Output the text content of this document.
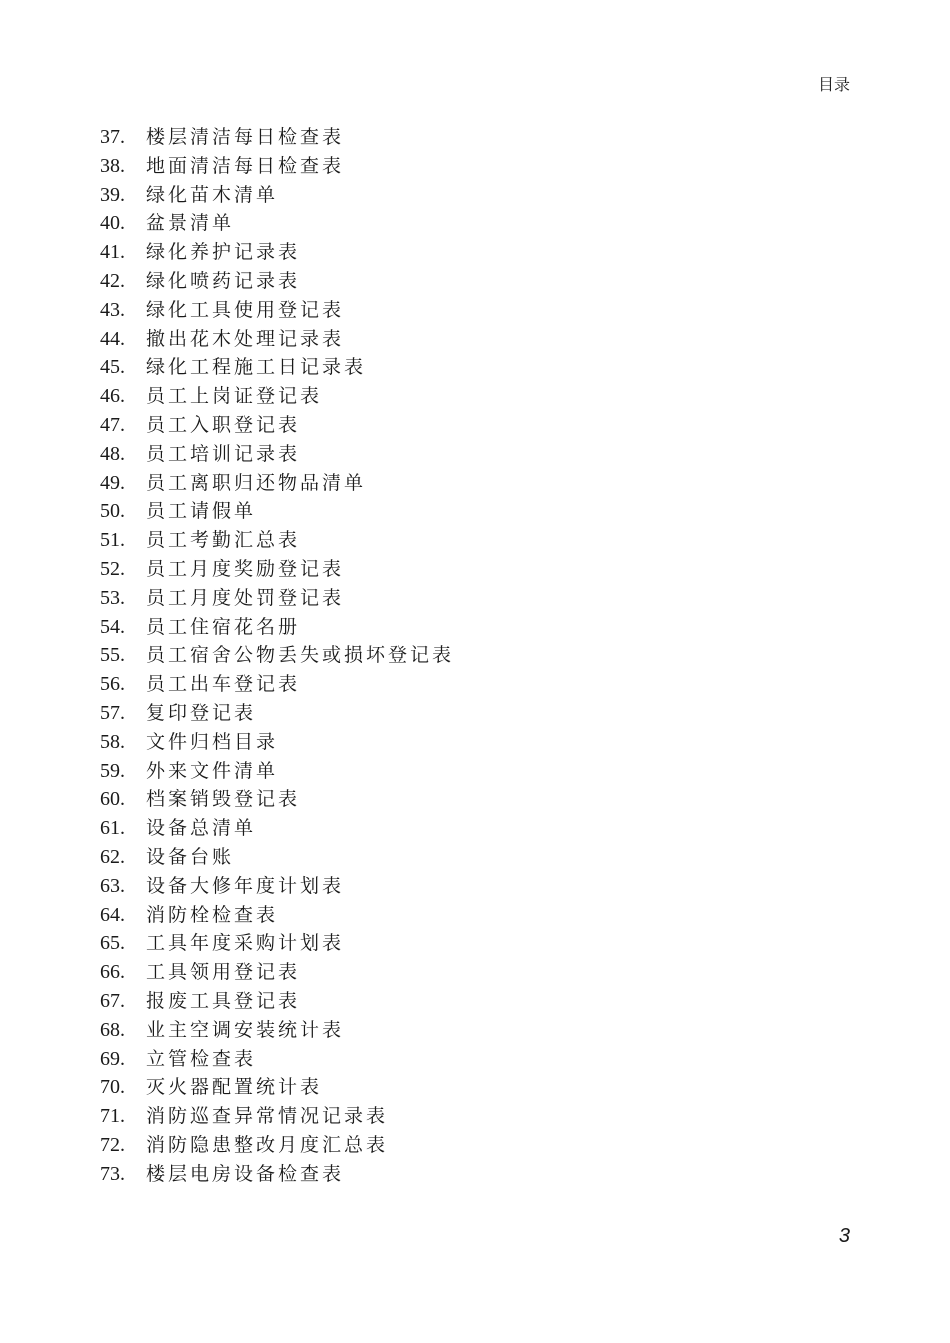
目录
37.	楼层清洁每日检查表
38.	地面清洁每日检查表
39.	绿化苗木清单
40.	盆景清单
41.	绿化养护记录表
42.	绿化喷药记录表
43.	绿化工具使用登记表
44.	撤出花木处理记录表
45.	绿化工程施工日记录表
46.	员工上岗证登记表
47.	员工入职登记表
48.	员工培训记录表
49.	员工离职归还物品清单
50.	员工请假单
51.	员工考勤汇总表
52.	员工月度奖励登记表
53.	员工月度处罚登记表
54.	员工住宿花名册
55.	员工宿舍公物丢失或损坏登记表
56.	员工出车登记表
57.	复印登记表
58.	文件归档目录
59.	外来文件清单
60.	档案销毁登记表
61.	设备总清单
62.	设备台账
63.	设备大修年度计划表
64.	消防栓检查表
65.	工具年度采购计划表
66.	工具领用登记表
67.	报废工具登记表
68.	业主空调安装统计表
69.	立管检查表
70.	灭火器配置统计表
71.	消防巡查异常情况记录表
72.	消防隐患整改月度汇总表
73.	楼层电房设备检查表
3
